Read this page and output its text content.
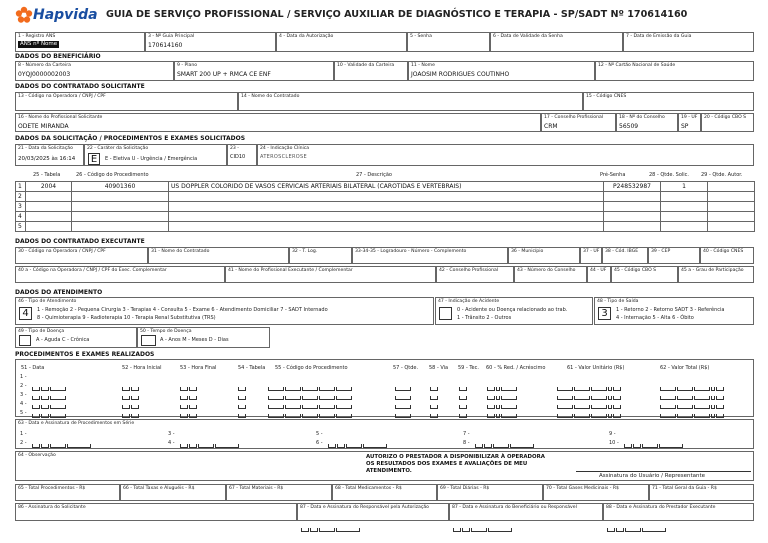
Hapvida GUIA DE SERVIÇO PROFISSIONAL / SERVIÇO AUXILIAR DE DIAGNÓSTICO E TERAPIA - SP/SADT Nº 170614160
1 - Registro ANS
ANS nº Nome
3 - Nº Guia Principal
170614160
4 - Data da Autorização	5 - Senha	6 - Data de Validade da Senha	7 - Data de Emissão da Guia
DADOS DO BENEFICIÁRIO
8 - Número da Carteira
0YQJ0000002003
9 - Plano
SMART 200 UP + RMCA CE ENF
10 - Validade da Carteira	11 - Nome
JOAOSIM RODRIGUES COUTINHO
12 - Nº Cartão Nacional de Saúde
DADOS DO CONTRATADO SOLICITANTE
13 - Código na Operadora / CNPJ / CPF	14 - Nome do Contratado	15 - Código CNES
16 - Nome do Profissional Solicitante
ODETE MIRANDA
17 - Conselho Profissional
CRM
18 - Nº do Conselho
56509
19 - UF
SP
20 - Código CBO S
DADOS DA SOLICITAÇÃO / PROCEDIMENTOS E EXAMES SOLICITADOS
21 - Data da Solicitação
20/03/2025 às 16:14
22 - Caráter da Solicitação
E	E - Eletiva U - Urgência / Emergência
23 -
CID10
24 - Indicação Clínica
ATEROSCLEROSE
25 - Tabela	26 - Código do Procedimento	27 - Descrição	Pré-Senha	28 - Qtde. Solic. 29 - Qtde. Autor.
1	2004	40901360	US DOPPLER COLORIDO DE VASOS CERVICAIS ARTERIAIS BILATERAL (CAROTIDAS E VERTEBRAIS)	P248532987	1	
2						
3						
4						
5						
DADOS DO CONTRATADO EXECUTANTE
30 - Código na Operadora / CNPJ / CPF	31 - Nome do Contratado	32 - T. Log.	33-34-35 - Logradouro - Número - Complemento	36 - Município	37 - UF 38 - Cód. IBGE	39 - CEP	40 - Código CNES
40 a - Código na Operadora / CNPJ / CPF do Exec. Complementar	41 - Nome do Profissional Executante / Complementar	42 - Conselho Profissional	43 - Número do Conselho	44 - UF 45 - Código CBO S	45 a - Grau de Participação
DADOS DO ATENDIMENTO
46 - Tipo de Atendimento
4	1 - Remoção 2 - Pequena Cirurgia 3 - Terapias 4 - Consulta 5 - Exame 6 - Atendimento Domiciliar 7 - SADT Internado
8 - Quimioterapia 9 - Radioterapia 10 - Terapia Renal Substitutiva (TRS)
47 - Indicação de Acidente
0 - Acidente ou Doença relacionado ao trab.
1 - Trânsito 2 - Outros
48 - Tipo de Saída
3	1 - Retorno 2 - Retorno SADT 3 - Referência
4 - Internação 5 - Alta 6 - Óbito
49 - Tipo de Doença
A - Aguda C - Crônica
50 - Tempo de Doença
A - Anos M - Meses D - Dias
PROCEDIMENTOS E EXAMES REALIZADOS
51 - Data	52 - Hora Inicial	53 - Hora Final	54 - Tabela 55 - Código do Procedimento	57 - Qtde. 58 - Via 59 - Tec. 60 - % Red. / Acréscimo	61 - Valor Unitário (R$)	62 - Valor Total (R$)
1 -
2 -
3 -
4 -
5 -
63 - Data e Assinatura de Procedimentos em Série
1 -
2 -
3 -
4 -
5 -
6 -
7 -
8 -
9 -
10 -
64 - Observação	AUTORIZO O PRESTADOR A DISPONIBILIZAR À OPERADORA OS RESULTADOS DOS EXAMES E AVALIAÇÕES DE MEU ATENDIMENTO.
Assinatura do Usuário / Representante
65 - Total Procedimentos - R$	66 - Total Taxas e Aluguéis - R$	67 - Total Materiais - R$	68 - Total Medicamentos - R$	69 - Total Diárias - R$	70 - Total Gases Medicinais - R$	71 - Total Geral da Guia - R$
86 - Assinatura do Solicitante	87 - Data e Assinatura do Responsável pela Autorização	87 - Data e Assinatura do Beneficiário ou Responsável	88 - Data e Assinatura do Prestador Executante
